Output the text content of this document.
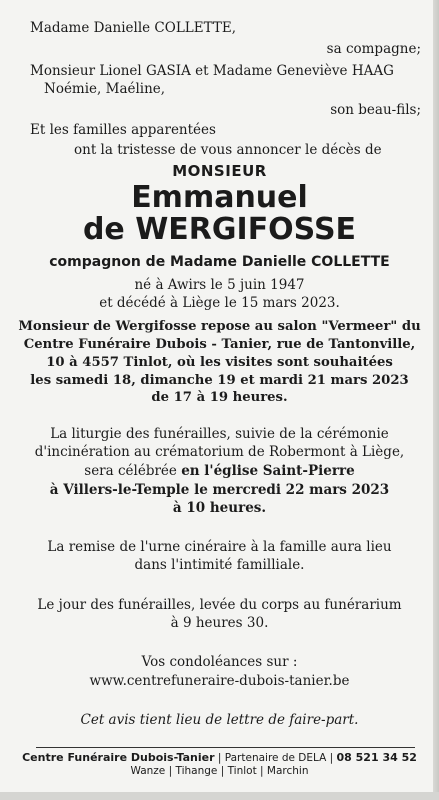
Madame Danielle COLLETTE,
sa compagne;
Monsieur Lionel GASIA et Madame Geneviève HAAG
Noémie, Maéline,
son beau-fils;
Et les familles apparentées
ont la tristesse de vous annoncer le décès de
MONSIEUR
Emmanuel
de WERGIFOSSE
compagnon de Madame Danielle COLLETTE
né à Awirs le 5 juin 1947
et décédé à Liège le 15 mars 2023.
Monsieur de Wergifosse repose au salon "Vermeer" du
Centre Funéraire Dubois - Tanier, rue de Tantonville,
10 à 4557 Tinlot, où les visites sont souhaitées
les samedi 18, dimanche 19 et mardi 21 mars 2023
de 17 à 19 heures.
La liturgie des funérailles, suivie de la cérémonie
d'incinération au crématorium de Robermont à Liège,
sera célébrée en l'église Saint-Pierre
à Villers-le-Temple le mercredi 22 mars 2023
à 10 heures.
La remise de l'urne cinéraire à la famille aura lieu
dans l'intimité familliale.
Le jour des funérailles, levée du corps au funérarium
à 9 heures 30.
Vos condoléances sur :
www.centrefuneraire-dubois-tanier.be
Cet avis tient lieu de lettre de faire-part.
Centre Funéraire Dubois-Tanier | Partenaire de DELA | 08 521 34 52
Wanze | Tihange | Tinlot | Marchin
